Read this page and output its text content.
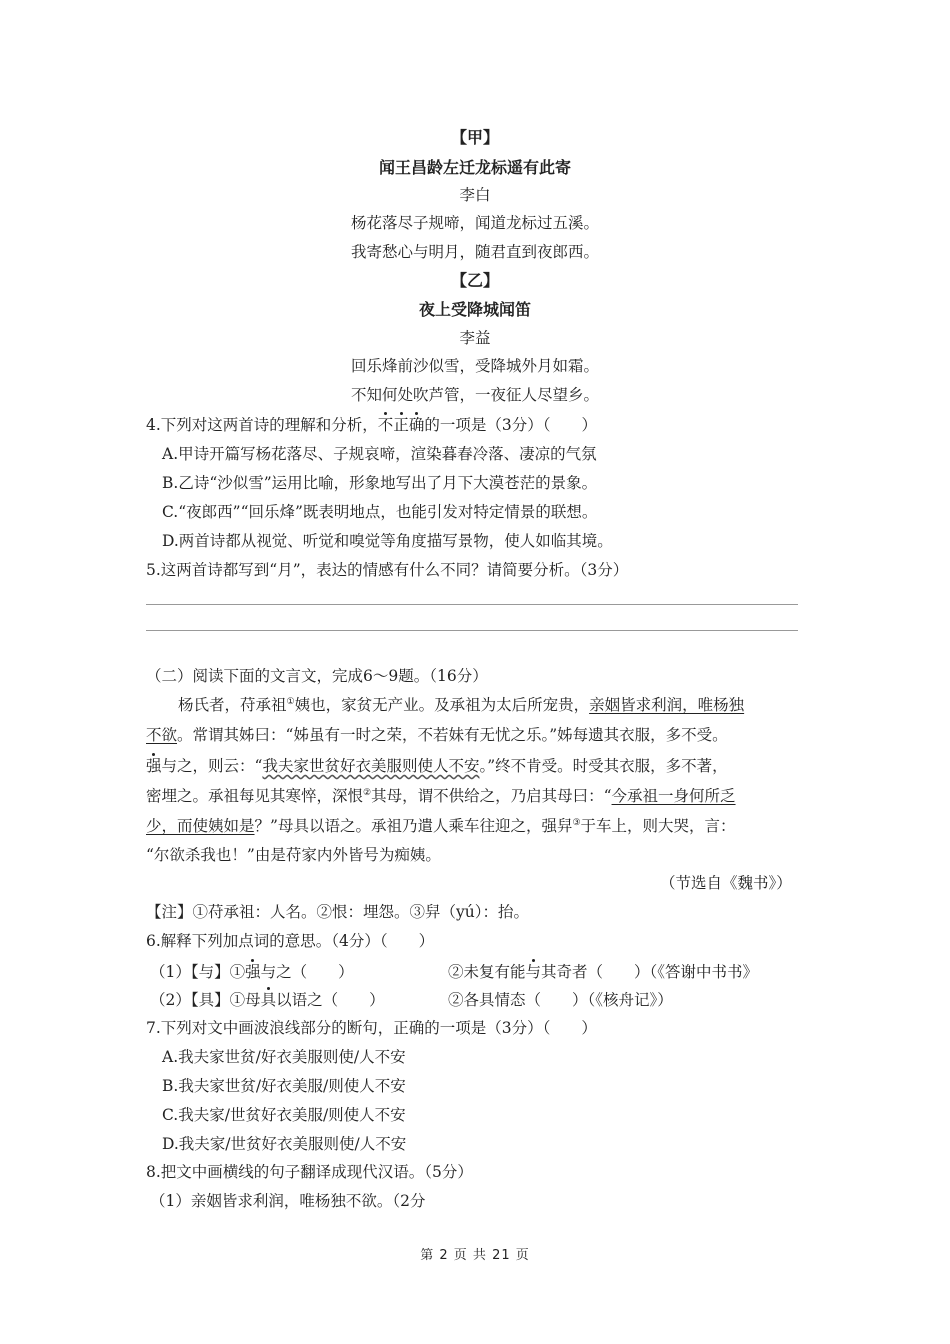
【甲】
闻王昌龄左迁龙标遥有此寄
李白
杨花落尽子规啼，闻道龙标过五溪。
我寄愁心与明月，随君直到夜郎西。
【乙】
夜上受降城闻笛
李益
回乐烽前沙似雪，受降城外月如霜。
不知何处吹芦管，一夜征人尽望乡。
4.下列对这两首诗的理解和分析，不正确的一项是（3分）（　　）
A.甲诗开篇写杨花落尽、子规哀啼，渲染暮春冷落、凄凉的气氛
B.乙诗“沙似雪”运用比喻，形象地写出了月下大漠苍茫的景象。
C.“夜郎西”“回乐烽”既表明地点，也能引发对特定情景的联想。
D.两首诗都从视觉、听觉和嗅觉等角度描写景物，使人如临其境。
5.这两首诗都写到“月”，表达的情感有什么不同？请简要分析。（3分）
（二）阅读下面的文言文，完成6～9题。（16分）
杨氏者，苻承祖①姨也，家贫无产业。及承祖为太后所宠贵，亲姻皆求利润，唯杨独
不欲。常谓其姊曰：“姊虽有一时之荣，不若妹有无忧之乐。”姊每遗其衣服，多不受。
强与之，则云：“我夫家世贫好衣美服则使人不安。”终不肯受。时受其衣服，多不著，
密埋之。承祖每见其寒悴，深恨②其母，谓不供给之，乃启其母曰：“今承祖一身何所乏
少，而使姨如是？”母具以语之。承祖乃遣人乘车往迎之，强舁③于车上，则大哭，言：
“尔欲杀我也！”由是苻家内外皆号为痴姨。
（节选自《魏书》）
【注】①苻承祖：人名。②恨：埋怨。③舁（yú）：抬。
6.解释下列加点词的意思。（4分）（　　）
（1）【与】①强与之（　　）	②未复有能与其奇者（　　）（《答谢中书书》
（2）【具】①母具以语之（　　）	②各具情态（　　）（《核舟记》）
7.下列对文中画波浪线部分的断句，正确的一项是（3分）（　　）
A.我夫家世贫/好衣美服则使/人不安
B.我夫家世贫/好衣美服/则使人不安
C.我夫家/世贫好衣美服/则使人不安
D.我夫家/世贫好衣美服则使/人不安
8.把文中画横线的句子翻译成现代汉语。（5分）
（1）亲姻皆求利润，唯杨独不欲。（2分
第 2 页 共 21 页
